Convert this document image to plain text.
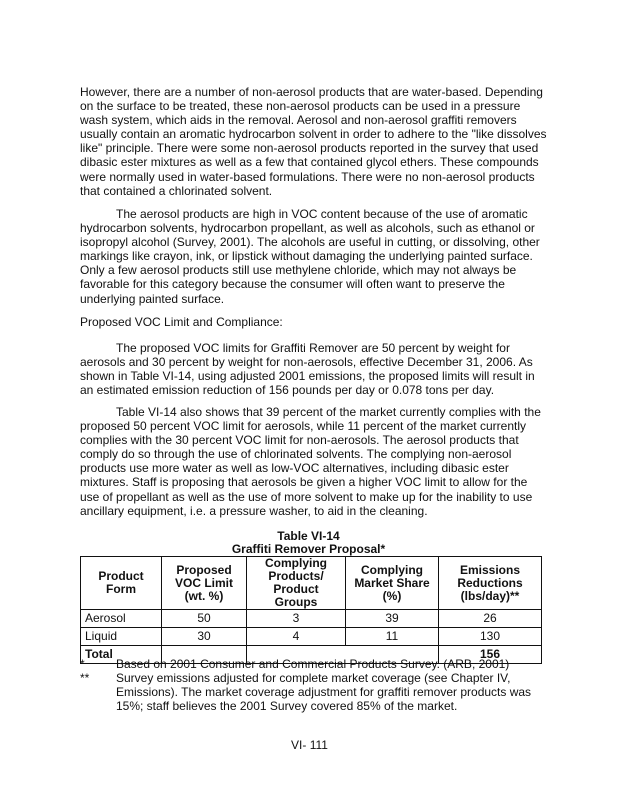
However, there are a number of non-aerosol products that are water-based. Depending
on the surface to be treated, these non-aerosol products can be used in a pressure
wash system, which aids in the removal. Aerosol and non-aerosol graffiti removers
usually contain an aromatic hydrocarbon solvent in order to adhere to the "like dissolves
like" principle. There were some non-aerosol products reported in the survey that used
dibasic ester mixtures as well as a few that contained glycol ethers. These compounds
were normally used in water-based formulations. There were no non-aerosol products
that contained a chlorinated solvent.
The aerosol products are high in VOC content because of the use of aromatic
hydrocarbon solvents, hydrocarbon propellant, as well as alcohols, such as ethanol or
isopropyl alcohol (Survey, 2001). The alcohols are useful in cutting, or dissolving, other
markings like crayon, ink, or lipstick without damaging the underlying painted surface.
Only a few aerosol products still use methylene chloride, which may not always be
favorable for this category because the consumer will often want to preserve the
underlying painted surface.
Proposed VOC Limit and Compliance:
The proposed VOC limits for Graffiti Remover are 50 percent by weight for
aerosols and 30 percent by weight for non-aerosols, effective December 31, 2006. As
shown in Table VI-14, using adjusted 2001 emissions, the proposed limits will result in
an estimated emission reduction of 156 pounds per day or 0.078 tons per day.
Table VI-14 also shows that 39 percent of the market currently complies with the
proposed 50 percent VOC limit for aerosols, while 11 percent of the market currently
complies with the 30 percent VOC limit for non-aerosols. The aerosol products that
comply do so through the use of chlorinated solvents. The complying non-aerosol
products use more water as well as low-VOC alternatives, including dibasic ester
mixtures. Staff is proposing that aerosols be given a higher VOC limit to allow for the
use of propellant as well as the use of more solvent to make up for the inability to use
ancillary equipment, i.e. a pressure washer, to aid in the cleaning.
Table VI-14
Graffiti Remover Proposal*
Product Form	Proposed VOC Limit (wt. %)	Complying Products/ Product Groups	Complying Market Share (%)	Emissions Reductions (lbs/day)**
Aerosol	50	3	39	26
Liquid	30	4	11	130
Total				156
*	Based on 2001 Consumer and Commercial Products Survey. (ARB, 2001)
** Survey emissions adjusted for complete market coverage (see Chapter IV,
Emissions). The market coverage adjustment for graffiti remover products was
15%; staff believes the 2001 Survey covered 85% of the market.
VI- 111
